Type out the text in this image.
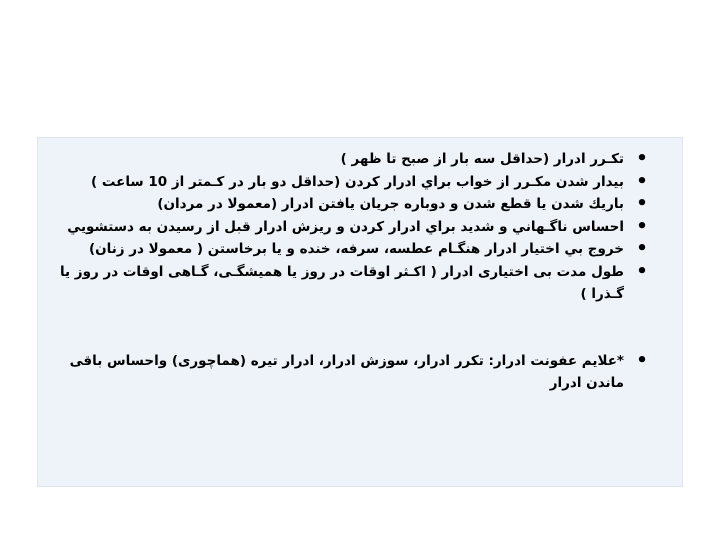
•
تكـرر ادرار (حداقل سه بار از صبح تا ظهر )
•
بيدار شدن مكـرر از خواب براي ادرار كردن (حداقل دو بار در كـمتر از 10 ساعت )
•
باريك شدن يا قطع شدن و دوباره جريان يافتن ادرار (معمولا در مردان)
•
احساس ناگـهاني و شديد براي ادرار كردن و ريزش ادرار قبل از رسيدن به دستشويي
•
خروج بي اختيار ادرار هنگـام عطسه، سرفه، خنده و يا برخاستن ( معمولا در زنان)
•
طول مدت بی اختیاری ادرار ( اکـثر اوقات در روز یا همیشگـی، گـاهی اوقات در روز یا
گـذرا )
•
*علایم عفونت ادرار: تکرر ادرار، سوزش ادرار، ادرار تیره (هماچوری) واحساس باقی
ماندن ادرار
